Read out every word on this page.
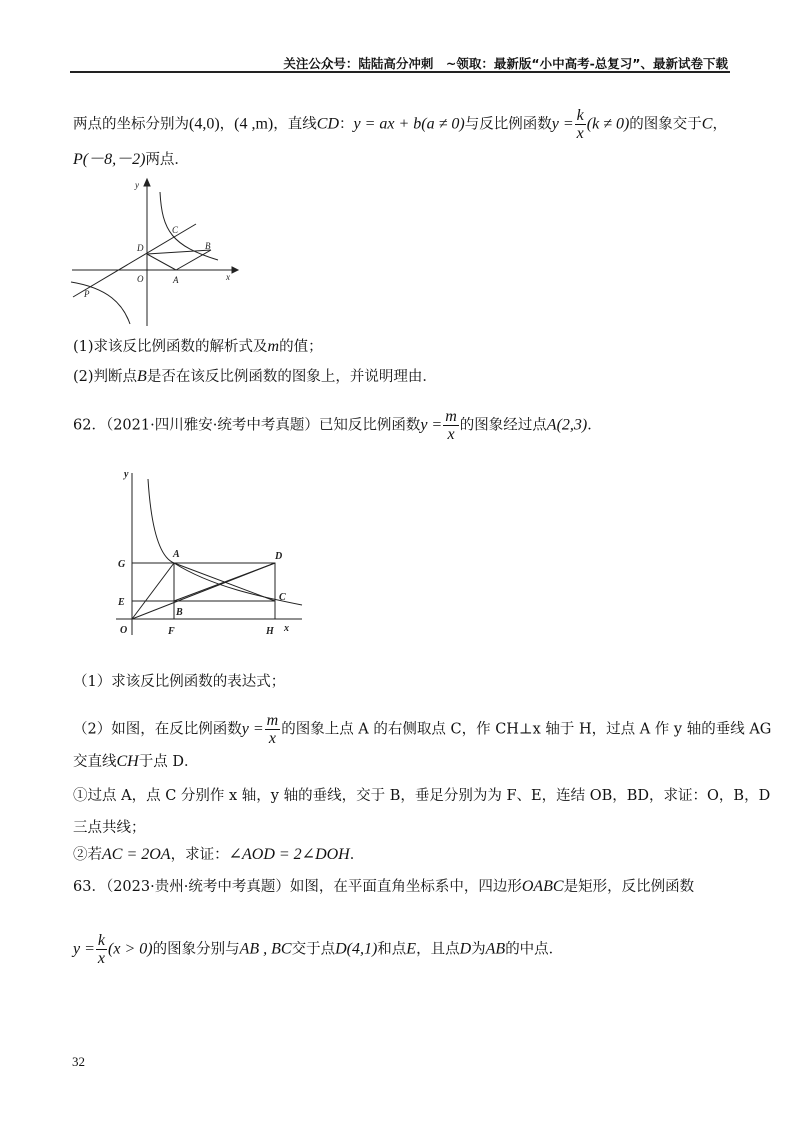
关注公众号：陆陆高分冲刺　~领取：最新版“小中高考-总复习”、最新试卷下载
两点的坐标分别为(4,0)，(4 ,m)，直线CD：y = ax + b(a ≠ 0)与反比例函数$y = \frac{k}{x} (k \ne 0)$的图象交于C，
P(－8,－2)两点．
y
x
C
B
D
O	A
P
(1)求该反比例函数的解析式及m的值；
(2)判断点B是否在该反比例函数的图象上，并说明理由．
62．（2021·四川雅安·统考中考真题）已知反比例函数$y = \frac{m}{x}$ 的图象经过点A(2,3)．
y
x
G
A	D
E
B
C
O	F	H
（1）求该反比例函数的表达式；
（2）如图，在反比例函数$y = \frac{m}{x}$ 的图象上点 A 的右侧取点 C，作 CH⊥x 轴于 H，过点 A 作 y 轴的垂线 AG
交直线CH于点 D．
①过点 A，点 C 分别作 x 轴，y 轴的垂线，交于 B，垂足分别为为 F、E，连结 OB，BD，求证：O，B，D
三点共线；
②若AC = 2OA，求证：∠AOD = 2∠DOH．
63．（2023·贵州·统考中考真题）如图，在平面直角坐标系中，四边形OABC是矩形，反比例函数
$y = \frac{k}{x} (x > 0)$的图象分别与AB , BC交于点D(4,1)和点E，且点D为AB的中点．
32
